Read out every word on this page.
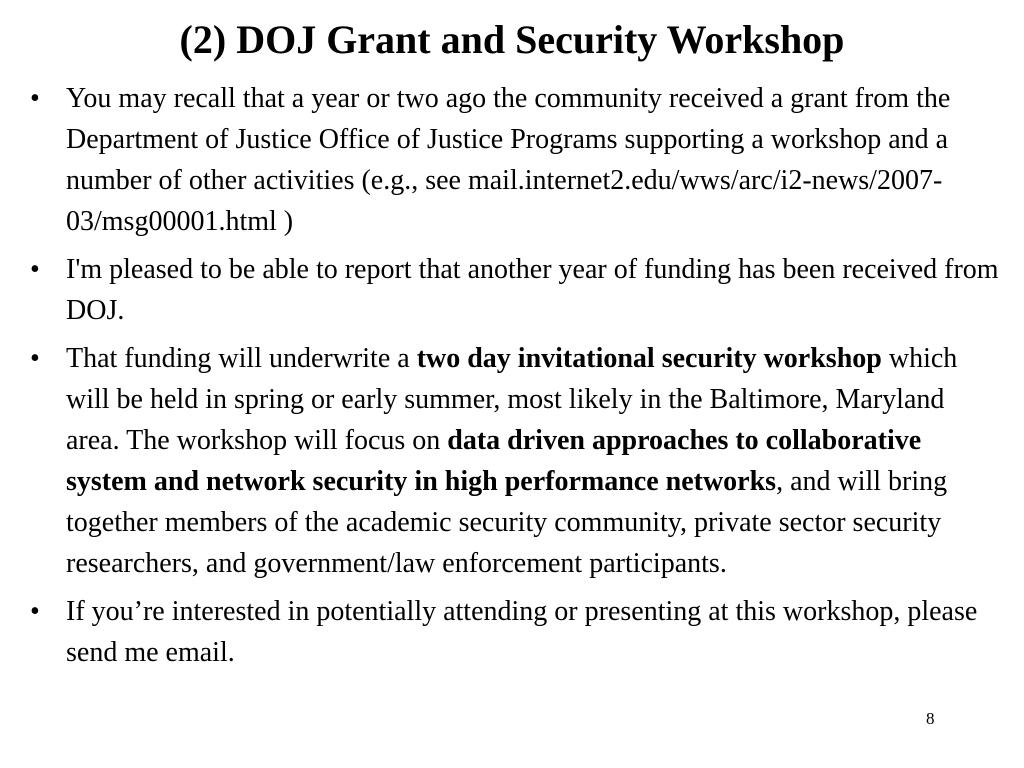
(2) DOJ Grant and Security Workshop
• You may recall that a year or two ago the community received a grant from the Department of Justice Office of Justice Programs supporting a workshop and a number of other activities (e.g., see mail.internet2.edu/wws/arc/i2-news/2007-03/msg00001.html )
• I'm pleased to be able to report that another year of funding has been received from DOJ.
• That funding will underwrite a two day invitational security workshop which will be held in spring or early summer, most likely in the Baltimore, Maryland area. The workshop will focus on data driven approaches to collaborative system and network security in high performance networks, and will bring together members of the academic security community, private sector security researchers, and government/law enforcement participants.
• If you’re interested in potentially attending or presenting at this workshop, please send me email.
8
